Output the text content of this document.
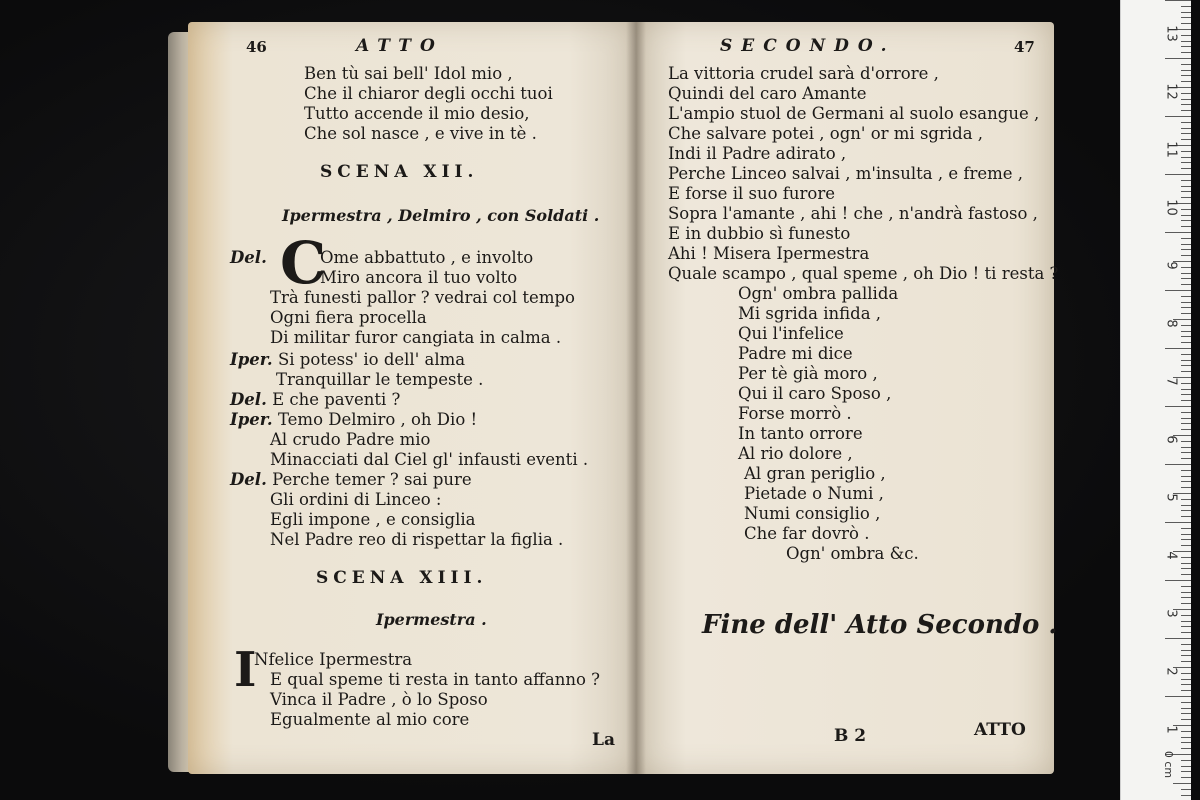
46	ATTO
Ben tù sai bell' Idol mio ,
Che il chiaror degli occhi tuoi
Tutto accende il mio desio,
Che sol nasce , e vive in tè .
SCENA XII.
Ipermestra , Delmiro , con Soldati .
Del. C
Ome abbattuto , e involto
Miro ancora il tuo volto
Trà funesti pallor ? vedrai col tempo
Ogni fiera procella
Di militar furor cangiata in calma .
Iper. Si potess' io dell' alma
Tranquillar le tempeste .
Del. E che paventi ?
Iper. Temo Delmiro , oh Dio !
Al crudo Padre mio
Minacciati dal Ciel gl' infausti eventi .
Del. Perche temer ? sai pure
Gli ordini di Linceo :
Egli impone , e consiglia
Nel Padre reo di rispettar la figlia .
SCENA XIII.
Ipermestra .
I
Nfelice Ipermestra
E qual speme ti resta in tanto affanno ?
Vinca il Padre , ò lo Sposo
Egualmente al mio core
La
SECONDO.	47
La vittoria crudel sarà d'orrore ,
Quindi del caro Amante
L'ampio stuol de Germani al suolo esangue ,
Che salvare potei , ogn' or mi sgrida ,
Indi il Padre adirato ,
Perche Linceo salvai , m'insulta , e freme ,
E forse il suo furore
Sopra l'amante , ahi ! che , n'andrà fastoso ,
E in dubbio sì funesto
Ahi ! Misera Ipermestra
Quale scampo , qual speme , oh Dio ! ti resta ?
Ogn' ombra pallida
Mi sgrida infida ,
Qui l'infelice
Padre mi dice
Per tè già moro ,
Qui il caro Sposo ,
Forse morrò .
In tanto orrore
Al rio dolore ,
Al gran periglio ,
Pietade o Numi ,
Numi consiglio ,
Che far dovrò .
Ogn' ombra &c.
Fine dell' Atto Secondo .
B 2	ATTO
13
12
11
10
9
8
7
6
5
4
3
2
1
0 cm
